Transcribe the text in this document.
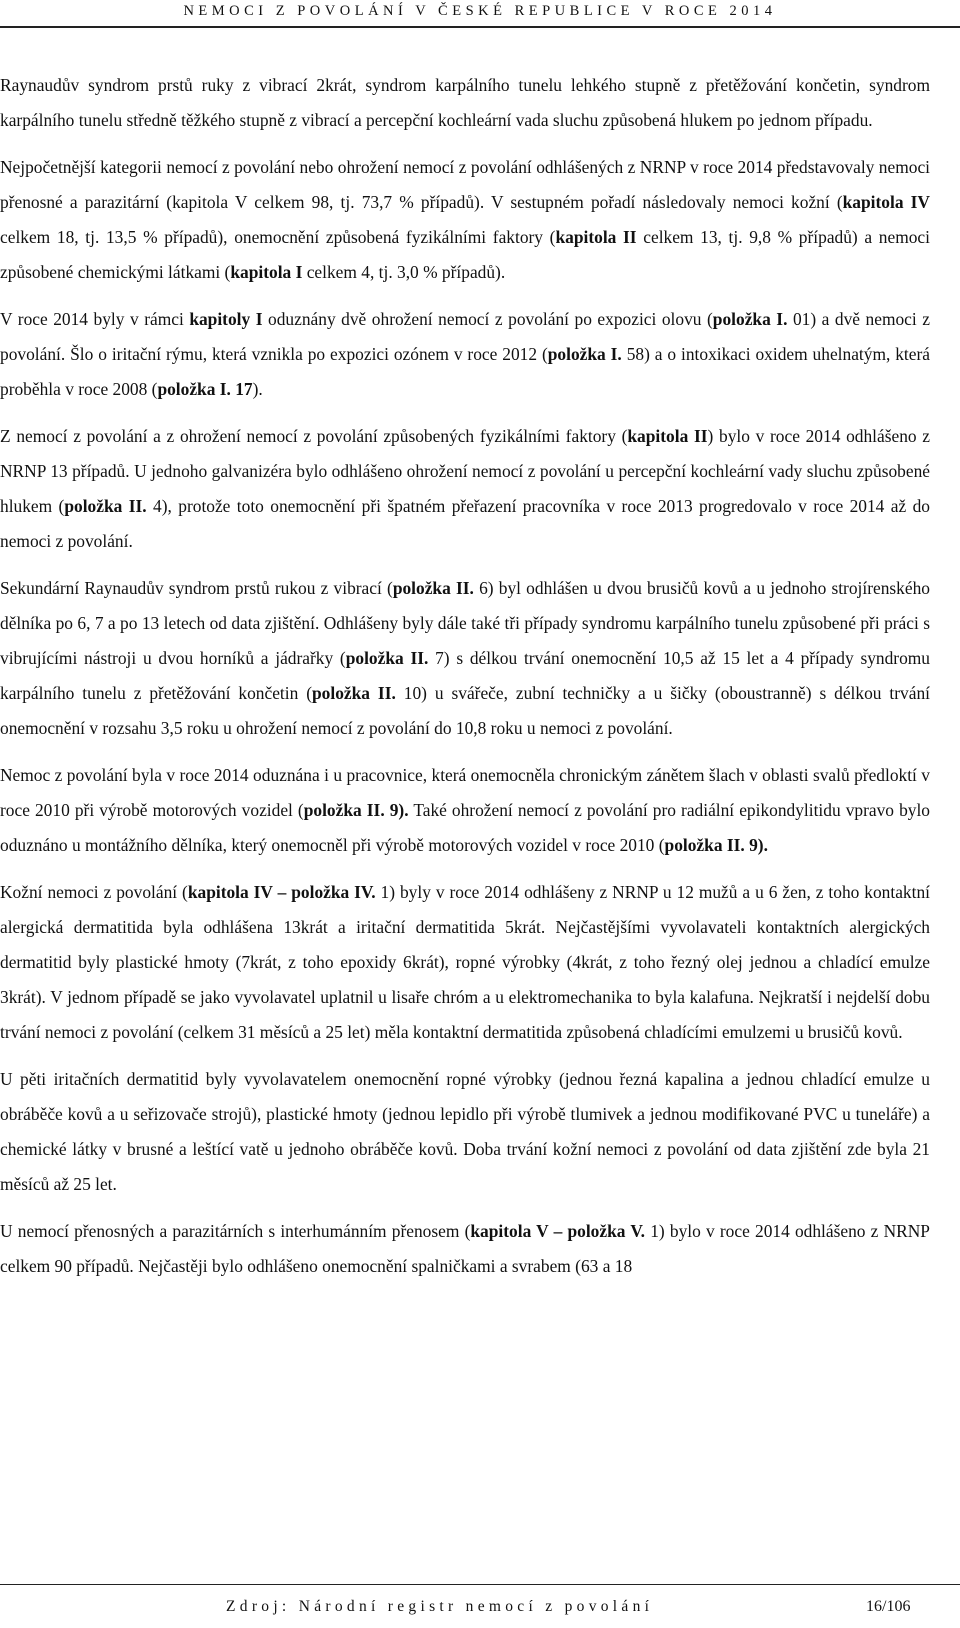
NEMOCI Z POVOLÁNÍ V ČESKÉ REPUBLICE V ROCE 2014

Raynaudův syndrom prstů ruky z vibrací 2krát, syndrom karpálního tunelu lehkého stupně z přetěžování končetin, syndrom karpálního tunelu středně těžkého stupně z vibrací a percepční kochleární vada sluchu způsobená hlukem po jednom případu.

Nejpočetnější kategorii nemocí z povolání nebo ohrožení nemocí z povolání odhlášených z NRNP v roce 2014 představovaly nemoci přenosné a parazitární (kapitola V celkem 98, tj. 73,7 % případů). V sestupném pořadí následovaly nemoci kožní (kapitola IV celkem 18, tj. 13,5 % případů), onemocnění způsobená fyzikálními faktory (kapitola II celkem 13, tj. 9,8 % případů) a nemoci způsobené chemickými látkami (kapitola I celkem 4, tj. 3,0 % případů).

V roce 2014 byly v rámci kapitoly I oduznány dvě ohrožení nemocí z povolání po expozici olovu (položka I. 01) a dvě nemoci z povolání. Šlo o iritační rýmu, která vznikla po expozici ozónem v roce 2012 (položka I. 58) a o intoxikaci oxidem uhelnatým, která proběhla v roce 2008 (položka I. 17).

Z nemocí z povolání a z ohrožení nemocí z povolání způsobených fyzikálními faktory (kapitola II) bylo v roce 2014 odhlášeno z NRNP 13 případů. U jednoho galvanizéra bylo odhlášeno ohrožení nemocí z povolání u percepční kochleární vady sluchu způsobené hlukem (položka II. 4), protože toto onemocnění při špatném přeřazení pracovníka v roce 2013 progredovalo v roce 2014 až do nemoci z povolání.

Sekundární Raynaudův syndrom prstů rukou z vibrací (položka II. 6) byl odhlášen u dvou brusičů kovů a u jednoho strojírenského dělníka po 6, 7 a po 13 letech od data zjištění. Odhlášeny byly dále také tři případy syndromu karpálního tunelu způsobené při práci s vibrujícími nástroji u dvou horníků a jádrařky (položka II. 7) s délkou trvání onemocnění 10,5 až 15 let a 4 případy syndromu karpálního tunelu z přetěžování končetin (položka II. 10) u svářeče, zubní techničky a u šičky (oboustranně) s délkou trvání onemocnění v rozsahu 3,5 roku u ohrožení nemocí z povolání do 10,8 roku u nemoci z povolání.

Nemoc z povolání byla v roce 2014 oduznána i u pracovnice, která onemocněla chronickým zánětem šlach v oblasti svalů předloktí v roce 2010 při výrobě motorových vozidel (položka II. 9). Také ohrožení nemocí z povolání pro radiální epikondylitidu vpravo bylo oduznáno u montážního dělníka, který onemocněl při výrobě motorových vozidel v roce 2010 (položka II. 9).

Kožní nemoci z povolání (kapitola IV – položka IV. 1) byly v roce 2014 odhlášeny z NRNP u 12 mužů a u 6 žen, z toho kontaktní alergická dermatitida byla odhlášena 13krát a iritační dermatitida 5krát. Nejčastějšími vyvolavateli kontaktních alergických dermatitid byly plastické hmoty (7krát, z toho epoxidy 6krát), ropné výrobky (4krát, z toho řezný olej jednou a chladící emulze 3krát). V jednom případě se jako vyvolavatel uplatnil u lisaře chróm a u elektromechanika to byla kalafuna. Nejkratší i nejdelší dobu trvání nemoci z povolání (celkem 31 měsíců a 25 let) měla kontaktní dermatitida způsobená chladícími emulzemi u brusičů kovů.

U pěti iritačních dermatitid byly vyvolavatelem onemocnění ropné výrobky (jednou řezná kapalina a jednou chladící emulze u obráběče kovů a u seřizovače strojů), plastické hmoty (jednou lepidlo při výrobě tlumivek a jednou modifikované PVC u tuneláře) a chemické látky v brusné a leštící vatě u jednoho obráběče kovů. Doba trvání kožní nemoci z povolání od data zjištění zde byla 21 měsíců až 25 let.

U nemocí přenosných a parazitárních s interhumánním přenosem (kapitola V – položka V. 1) bylo v roce 2014 odhlášeno z NRNP celkem 90 případů. Nejčastěji bylo odhlášeno onemocnění spalničkami a svrabem (63 a 18

Zdroj: Národní registr nemocí z povolání	16/106
